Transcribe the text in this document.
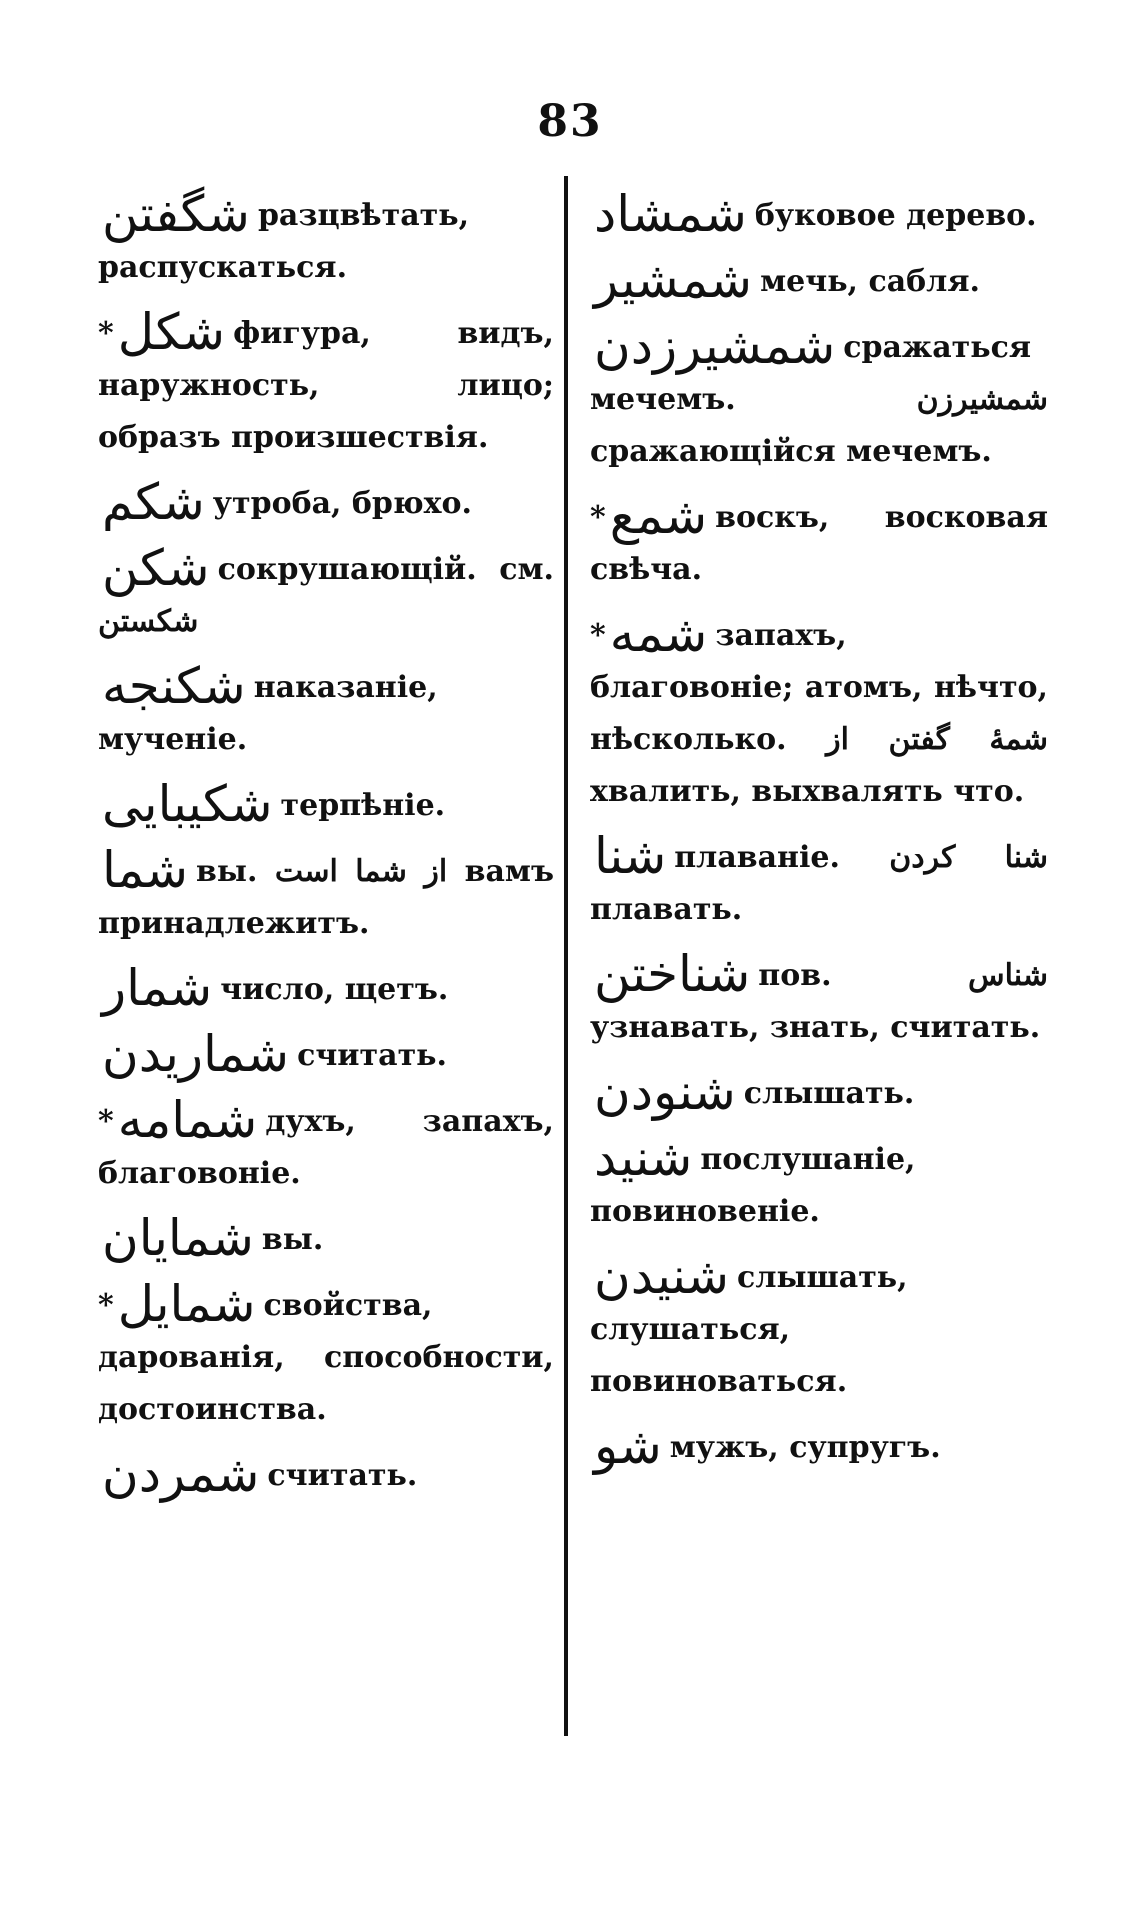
83
شگفتن разцвѣтать, распускаться.
*شکل фигура, видъ, наружность, лицо; образъ произшествія.
شکم утроба, брюхо.
شکن сокрушающій. см. شکستن
شکنجه наказаніе, мученіе.
شکیبایی терпѣніе.
شما вы. از شما است вамъ принадлежитъ.
شمار число, щетъ.
شماریدن считать.
*شمامه духъ, запахъ, благовоніе.
شمایان вы.
*شمایل свойства, дарованія, способности, достоинства.
شمردن считать.
شمشاد буковое дерево.
شمشیر мечь, сабля.
شمشیرزدن сражаться мечемъ. شمشیرزن сражающійся мечемъ.
*شمع воскъ, восковая свѣча.
*شمه запахъ, благовоніе; атомъ, нѣчто, нѣсколько. شمهٔ گفتن از хвалить, выхвалять что.
شنا плаваніе. شنا کردن плавать.
شناختن пов. شناس узнавать, знать, считать.
شنودن слышать.
شنید послушаніе, повиновеніе.
شنیدن слышать, слушаться, повиноваться.
شو мужъ, супругъ.
